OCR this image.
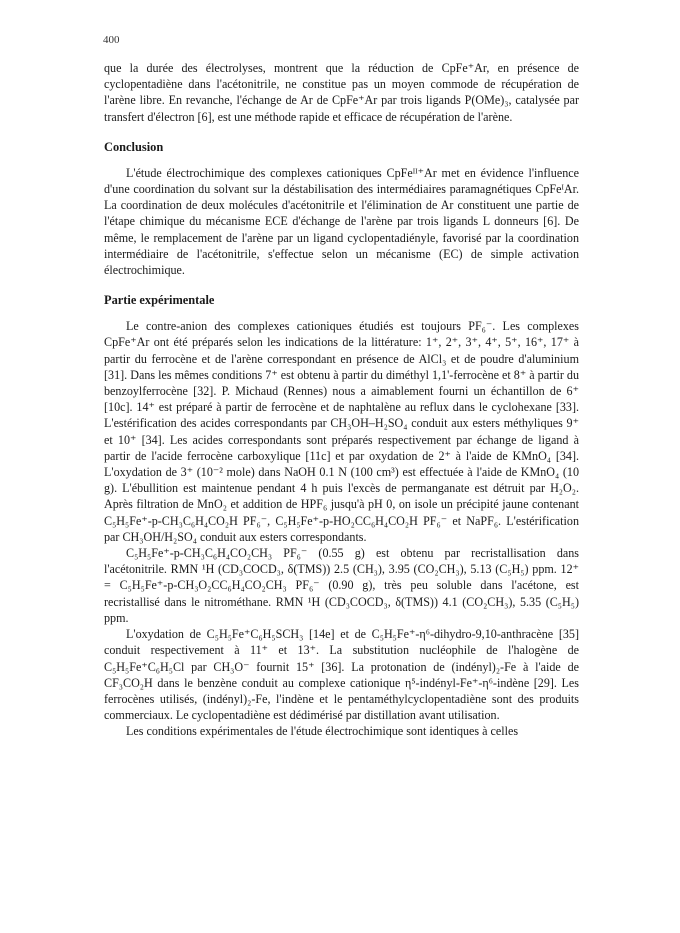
400

que la durée des électrolyses, montrent que la réduction de CpFe⁺Ar, en présence de cyclopentadiène dans l'acétonitrile, ne constitue pas un moyen commode de récupération de l'arène libre. En revanche, l'échange de Ar de CpFe⁺Ar par trois ligands P(OMe)₃, catalysée par transfert d'électron [6], est une méthode rapide et efficace de récupération de l'arène.

Conclusion

L'étude électrochimique des complexes cationiques CpFeᴵᴵ⁺Ar met en évidence l'influence d'une coordination du solvant sur la déstabilisation des intermédiaires paramagnétiques CpFeᴵAr. La coordination de deux molécules d'acétonitrile et l'élimination de Ar constituent une partie de l'étape chimique du mécanisme ECE d'échange de l'arène par trois ligands L donneurs [6]. De même, le remplacement de l'arène par un ligand cyclopentadiényle, favorisé par la coordination intermédiaire de l'acétonitrile, s'effectue selon un mécanisme (EC) de simple activation électrochimique.

Partie expérimentale

Le contre-anion des complexes cationiques étudiés est toujours PF₆⁻. Les complexes CpFe⁺Ar ont été préparés selon les indications de la littérature: 1⁺, 2⁺, 3⁺, 4⁺, 5⁺, 16⁺, 17⁺ à partir du ferrocène et de l'arène correspondant en présence de AlCl₃ et de poudre d'aluminium [31]. Dans les mêmes conditions 7⁺ est obtenu à partir du diméthyl 1,1'-ferrocène et 8⁺ à partir du benzoylferrocène [32]. P. Michaud (Rennes) nous a aimablement fourni un échantillon de 6⁺ [10c]. 14⁺ est préparé à partir de ferrocène et de naphtalène au reflux dans le cyclohexane [33]. L'estérification des acides correspondants par CH₃OH–H₂SO₄ conduit aux esters méthyliques 9⁺ et 10⁺ [34]. Les acides correspondants sont préparés respectivement par échange de ligand à partir de l'acide ferrocène carboxylique [11c] et par oxydation de 2⁺ à l'aide de KMnO₄ [34]. L'oxydation de 3⁺ (10⁻² mole) dans NaOH 0.1 N (100 cm³) est effectuée à l'aide de KMnO₄ (10 g). L'ébullition est maintenue pendant 4 h puis l'excès de permanganate est détruit par H₂O₂. Après filtration de MnO₂ et addition de HPF₆ jusqu'à pH 0, on isole un précipité jaune contenant C₅H₅Fe⁺-p-CH₃C₆H₄CO₂H PF₆⁻, C₅H₅Fe⁺-p-HO₂CC₆H₄CO₂H PF₆⁻ et NaPF₆. L'estérification par CH₃OH/H₂SO₄ conduit aux esters correspondants.

C₅H₅Fe⁺-p-CH₃C₆H₄CO₂CH₃ PF₆⁻ (0.55 g) est obtenu par recristallisation dans l'acétonitrile. RMN ¹H (CD₃COCD₃, δ(TMS)) 2.5 (CH₃), 3.95 (CO₂CH₃), 5.13 (C₅H₅) ppm. 12⁺ = C₅H₅Fe⁺-p-CH₃O₂CC₆H₄CO₂CH₃ PF₆⁻ (0.90 g), très peu soluble dans l'acétone, est recristallisé dans le nitrométhane. RMN ¹H (CD₃COCD₃, δ(TMS)) 4.1 (CO₂CH₃), 5.35 (C₅H₅) ppm.

L'oxydation de C₅H₅Fe⁺C₆H₅SCH₃ [14e] et de C₅H₅Fe⁺-η⁶-dihydro-9,10-anthracène [35] conduit respectivement à 11⁺ et 13⁺. La substitution nucléophile de l'halogène de C₅H₅Fe⁺C₆H₅Cl par CH₃O⁻ fournit 15⁺ [36]. La protonation de (indényl)₂-Fe à l'aide de CF₃CO₂H dans le benzène conduit au complexe cationique η⁵-indényl-Fe⁺-η⁶-indène [29]. Les ferrocènes utilisés, (indényl)₂-Fe, l'indène et le pentaméthylcyclopentadiène sont des produits commerciaux. Le cyclopentadiène est dédimérisé par distillation avant utilisation.

Les conditions expérimentales de l'étude électrochimique sont identiques à celles
